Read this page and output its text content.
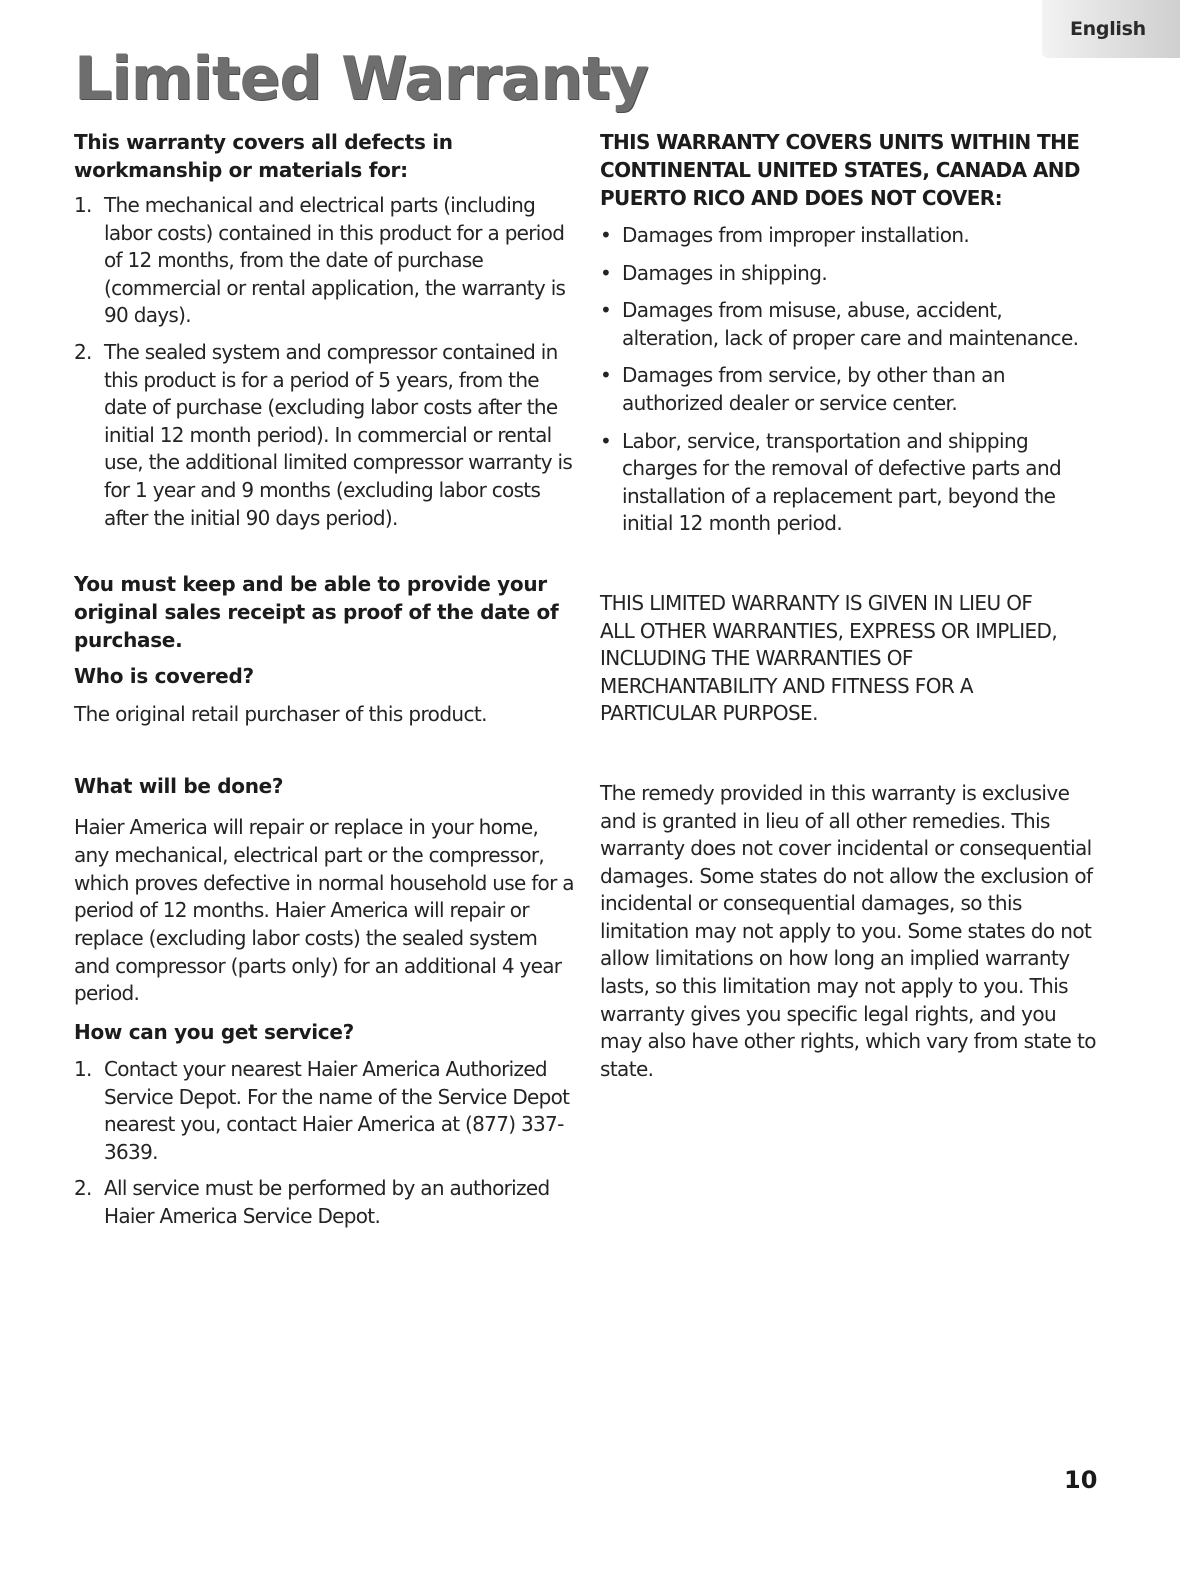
English
Limited Warranty
This warranty covers all defects in workmanship or materials for:
1. The mechanical and electrical parts (including labor costs) contained in this product for a period of 12 months, from the date of purchase (commercial or rental application, the warranty is 90 days).
2. The sealed system and compressor contained in this product is for a period of 5 years, from the date of purchase (excluding labor costs after the initial 12 month period). In commercial or rental use, the additional limited compressor warranty is for 1 year and 9 months (excluding labor costs after the initial 90 days period).
You must keep and be able to provide your original sales receipt as proof of the date of purchase.
Who is covered?
The original retail purchaser of this product.
What will be done?
Haier America will repair or replace in your home, any mechanical, electrical part or the compressor, which proves defective in normal household use for a period of 12 months. Haier America will repair or replace (excluding labor costs) the sealed system and compressor (parts only) for an additional 4 year period.
How can you get service?
1. Contact your nearest Haier America Authorized Service Depot. For the name of the Service Depot nearest you, contact Haier America at (877) 337-3639.
2. All service must be performed by an authorized Haier America Service Depot.
THIS WARRANTY COVERS UNITS WITHIN THE CONTINENTAL UNITED STATES, CANADA AND PUERTO RICO AND DOES NOT COVER:
• Damages from improper installation.
• Damages in shipping.
• Damages from misuse, abuse, accident, alteration, lack of proper care and maintenance.
• Damages from service, by other than an authorized dealer or service center.
• Labor, service, transportation and shipping charges for the removal of defective parts and installation of a replacement part, beyond the initial 12 month period.
THIS LIMITED WARRANTY IS GIVEN IN LIEU OF ALL OTHER WARRANTIES, EXPRESS OR IMPLIED, INCLUDING THE WARRANTIES OF MERCHANTABILITY AND FITNESS FOR A PARTICULAR PURPOSE.
The remedy provided in this warranty is exclusive and is granted in lieu of all other remedies. This warranty does not cover incidental or consequential damages. Some states do not allow the exclusion of incidental or consequential damages, so this limitation may not apply to you. Some states do not allow limitations on how long an implied warranty lasts, so this limitation may not apply to you. This warranty gives you specific legal rights, and you may also have other rights, which vary from state to state.
10
